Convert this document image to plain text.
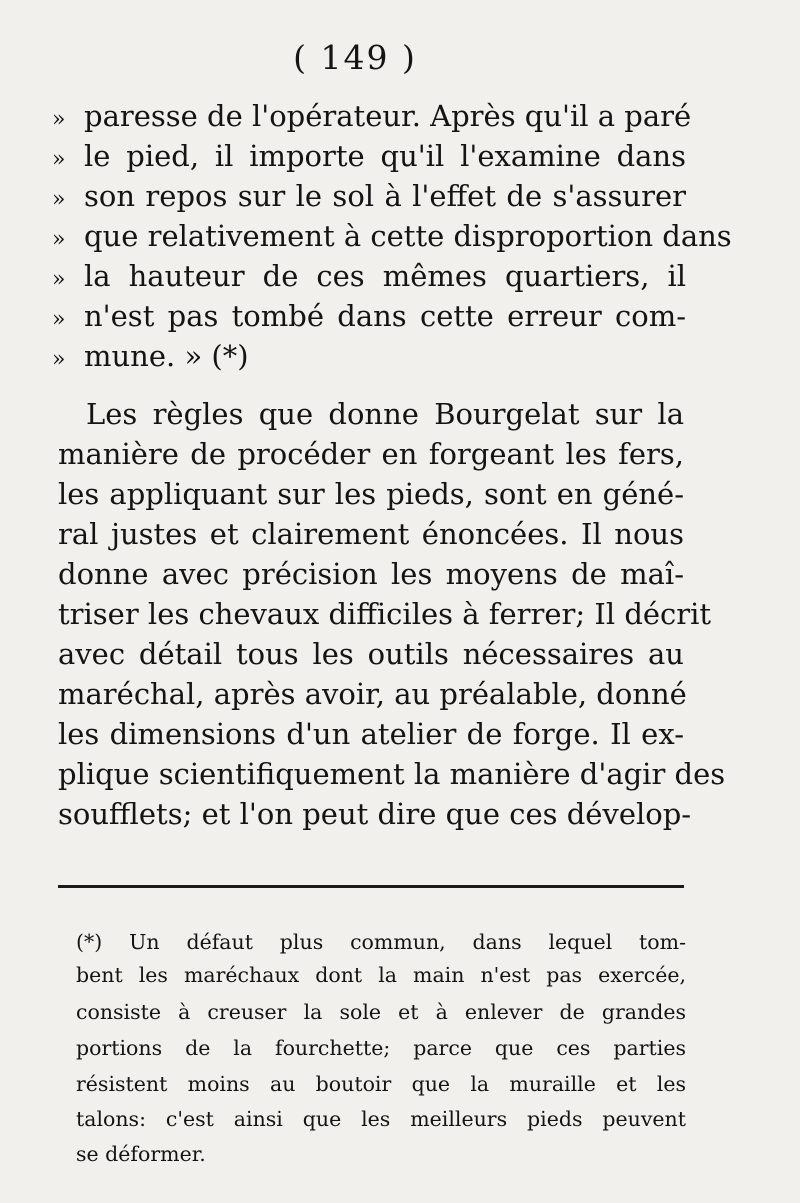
( 149 )
» paresse de l'opérateur. Après qu'il a paré
» le pied, il importe qu'il l'examine dans
» son repos sur le sol à l'effet de s'assurer
» que relativement à cette disproportion dans
» la hauteur de ces mêmes quartiers, il
» n'est pas tombé dans cette erreur com-
» mune. » (*)
Les règles que donne Bourgelat sur la
manière de procéder en forgeant les fers,
les appliquant sur les pieds, sont en géné-
ral justes et clairement énoncées. Il nous
donne avec précision les moyens de maî-
triser les chevaux difficiles à ferrer; Il décrit
avec détail tous les outils nécessaires au
maréchal, après avoir, au préalable, donné
les dimensions d'un atelier de forge. Il ex-
plique scientifiquement la manière d'agir des
soufflets; et l'on peut dire que ces dévelop-
(*) Un défaut plus commun, dans lequel tom-
bent les maréchaux dont la main n'est pas exercée,
consiste à creuser la sole et à enlever de grandes
portions de la fourchette; parce que ces parties
résistent moins au boutoir que la muraille et les
talons: c'est ainsi que les meilleurs pieds peuvent
se déformer.
